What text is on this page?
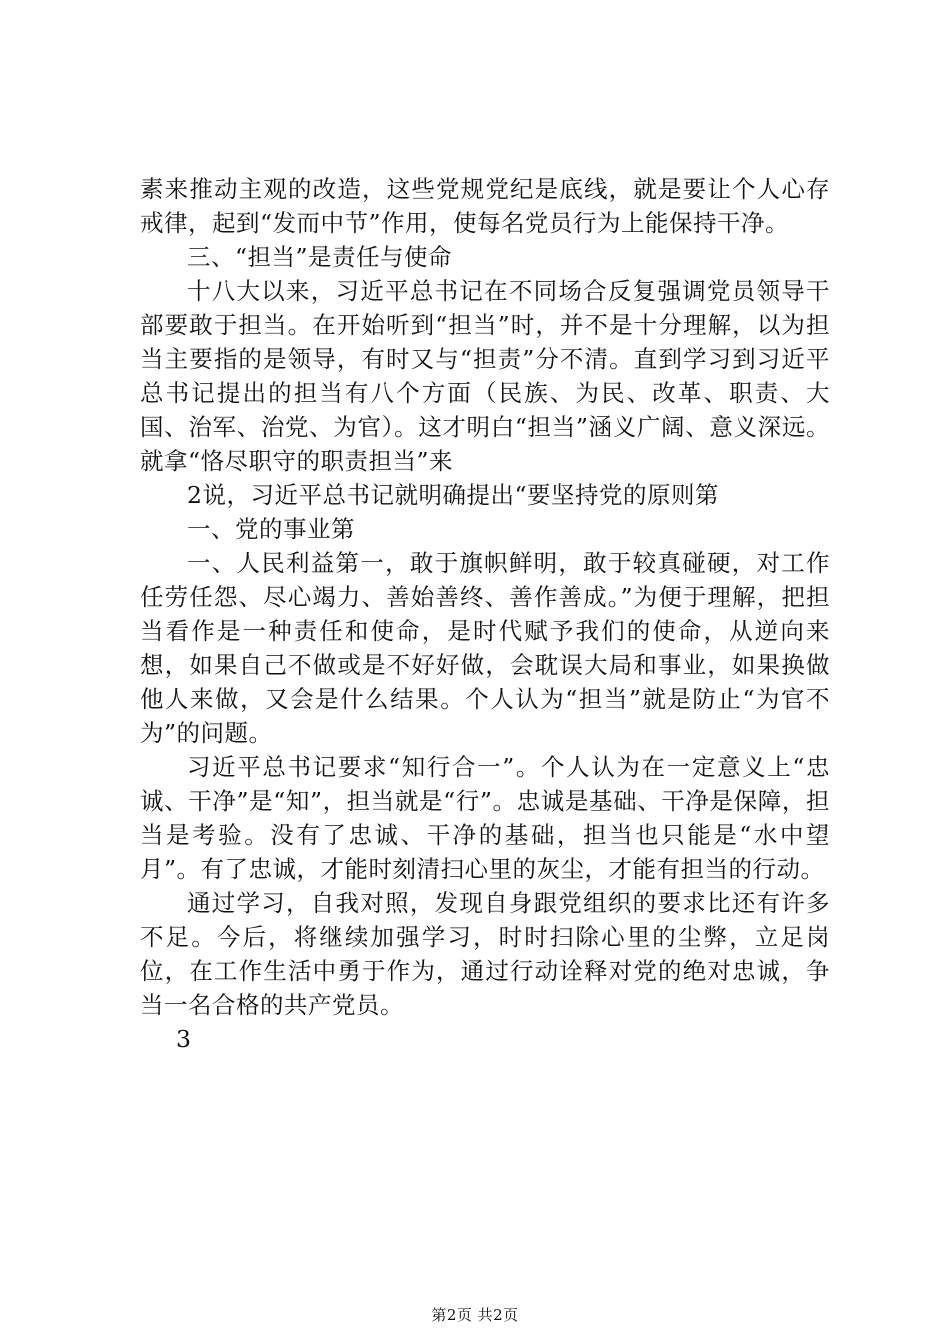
素来推动主观的改造，这些党规党纪是底线，就是要让个人心存戒律，起到“发而中节”作用，使每名党员行为上能保持干净。

三、“担当”是责任与使命

十八大以来，习近平总书记在不同场合反复强调党员领导干部要敢于担当。在开始听到“担当”时，并不是十分理解，以为担当主要指的是领导，有时又与“担责”分不清。直到学习到习近平总书记提出的担当有八个方面（民族、为民、改革、职责、大国、治军、治党、为官）。这才明白“担当”涵义广阔、意义深远。就拿“恪尽职守的职责担当”来

2说，习近平总书记就明确提出“要坚持党的原则第

一、党的事业第

一、人民利益第一，敢于旗帜鲜明，敢于较真碰硬，对工作任劳任怨、尽心竭力、善始善终、善作善成。”为便于理解，把担当看作是一种责任和使命，是时代赋予我们的使命，从逆向来想，如果自己不做或是不好好做，会耽误大局和事业，如果换做他人来做，又会是什么结果。个人认为“担当”就是防止“为官不为”的问题。

习近平总书记要求“知行合一”。个人认为在一定意义上“忠诚、干净”是“知”，担当就是“行”。忠诚是基础、干净是保障，担当是考验。没有了忠诚、干净的基础，担当也只能是“水中望月”。有了忠诚，才能时刻清扫心里的灰尘，才能有担当的行动。

通过学习，自我对照，发现自身跟党组织的要求比还有许多不足。今后，将继续加强学习，时时扫除心里的尘弊，立足岗位，在工作生活中勇于作为，通过行动诠释对党的绝对忠诚，争当一名合格的共产党员。

3

第2页 共2页
